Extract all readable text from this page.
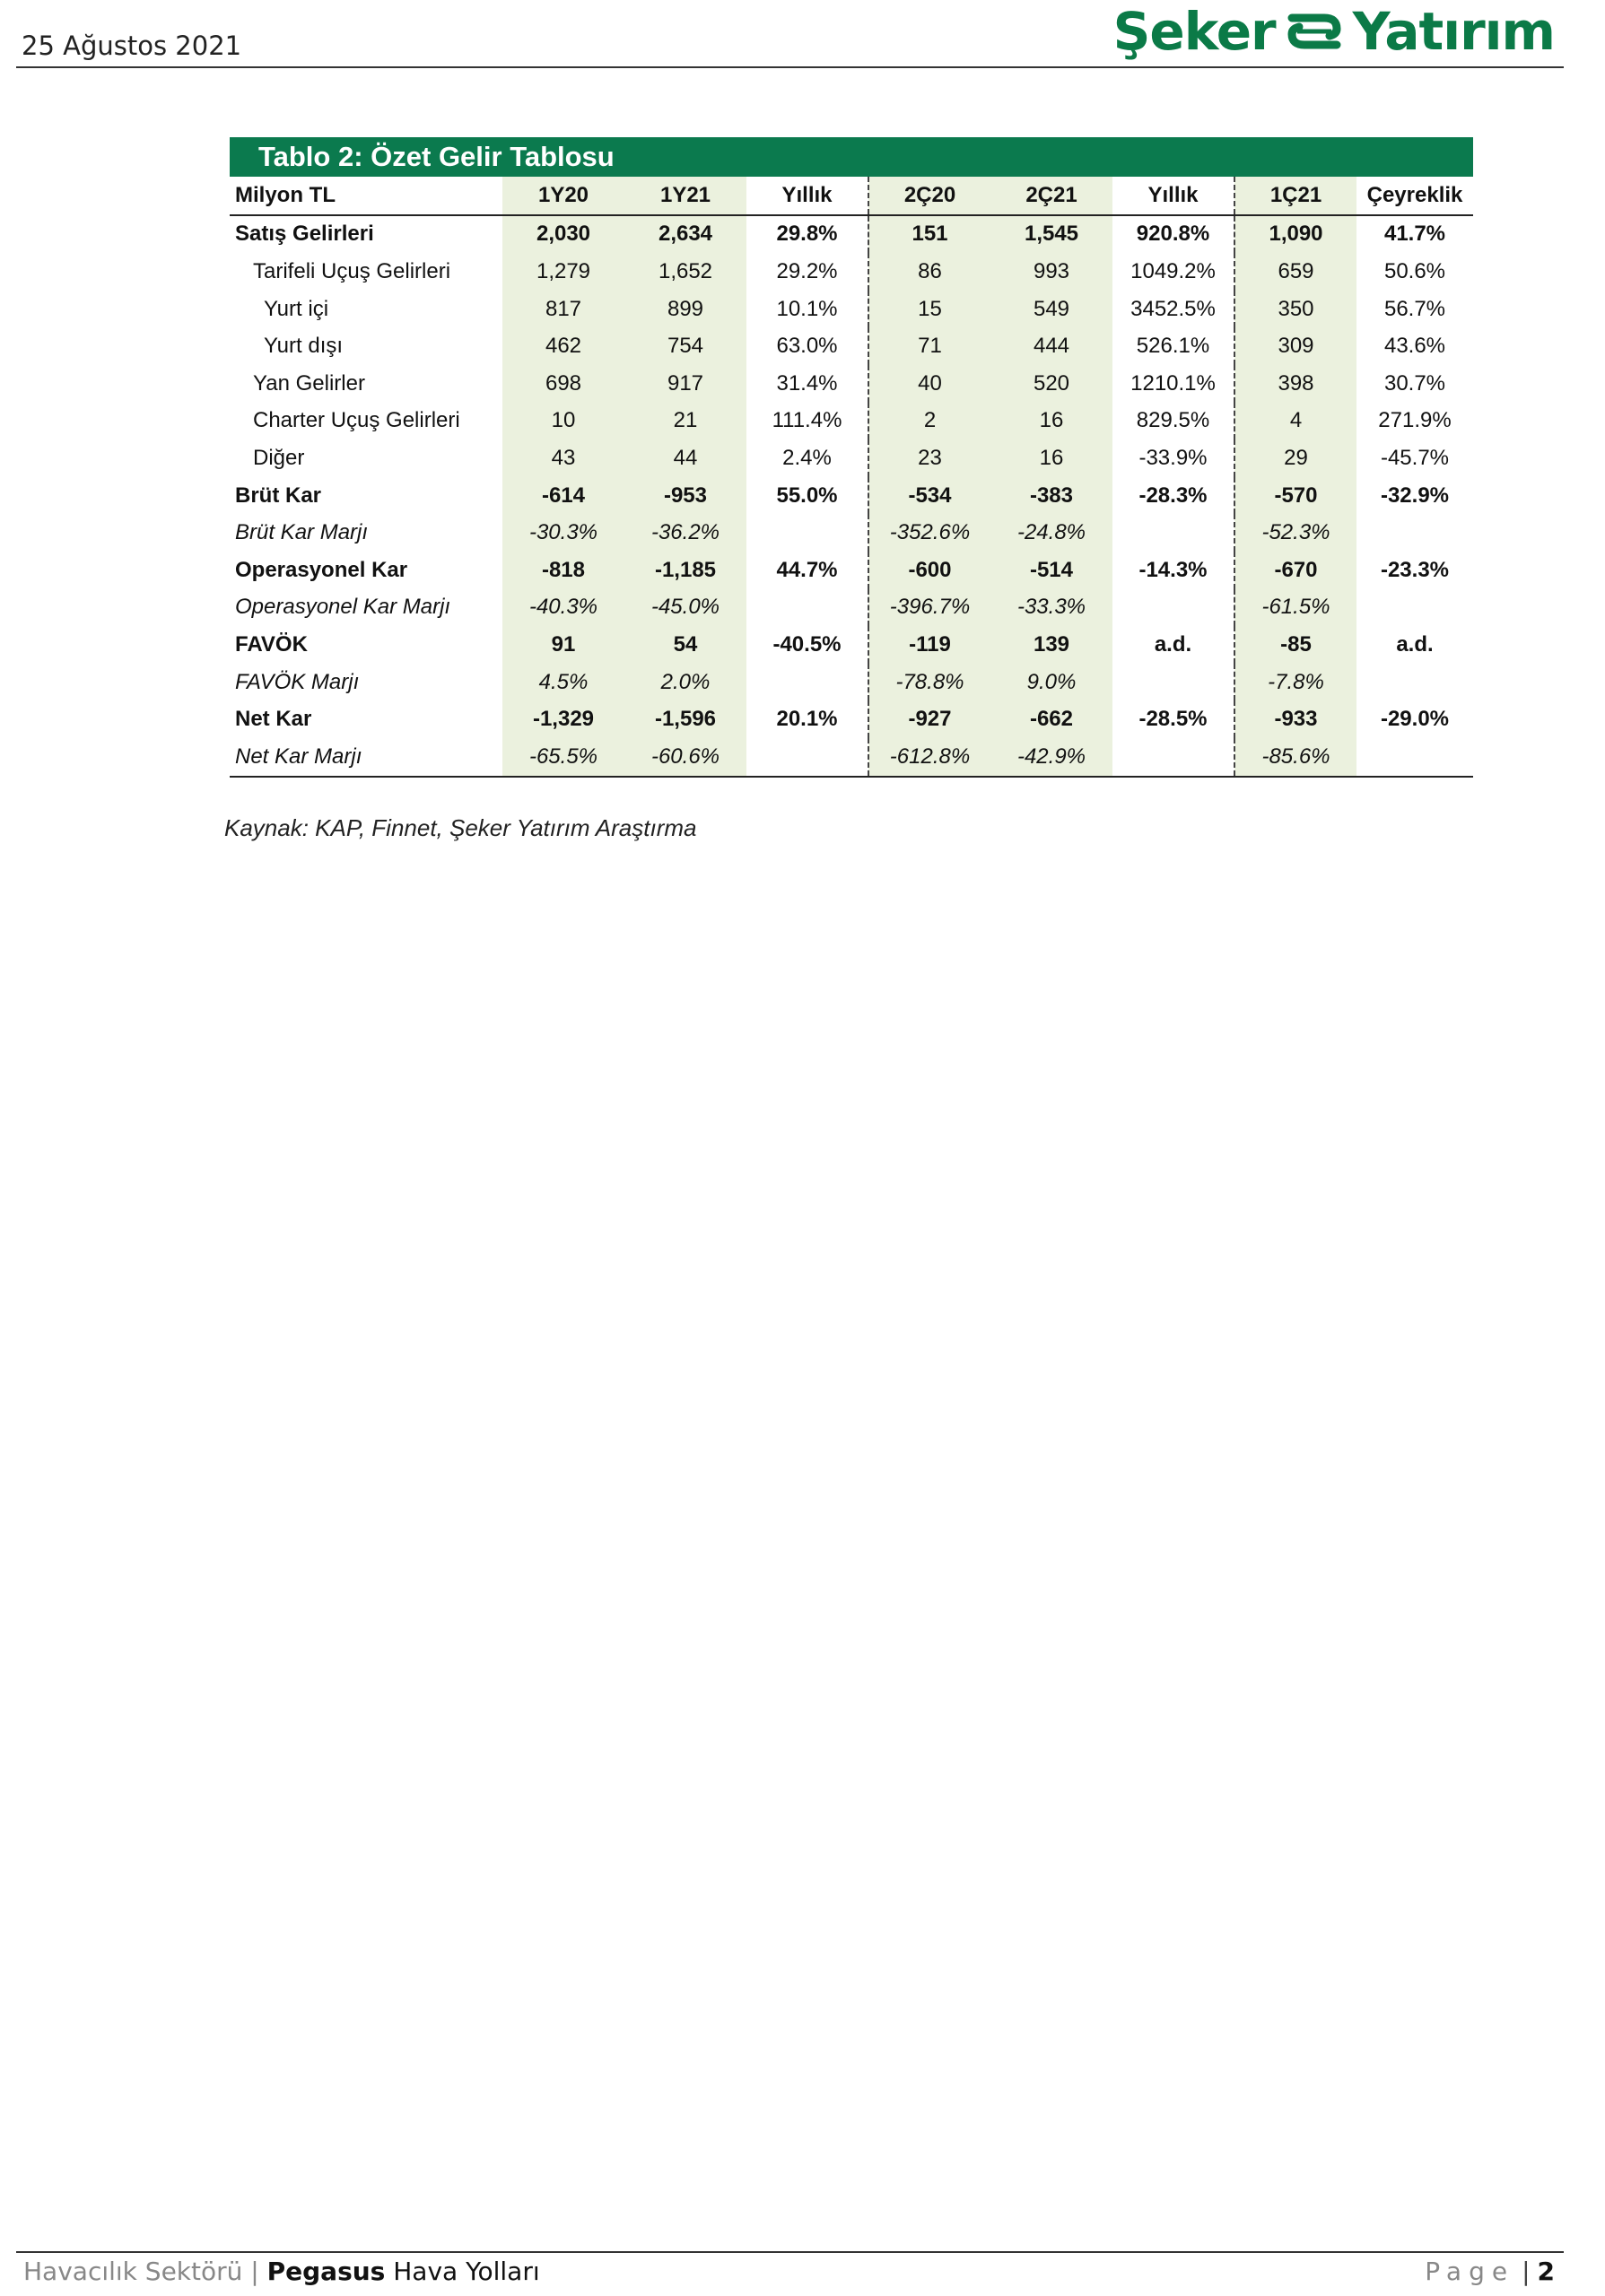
25 Ağustos 2021	Şeker Yatırım
Tablo 2: Özet Gelir Tablosu
Milyon TL	1Y20	1Y21	Yıllık	2Ç20	2Ç21	Yıllık	1Ç21	Çeyreklik
Satış Gelirleri	2,030	2,634	29.8%	151	1,545	920.8%	1,090	41.7%
Tarifeli Uçuş Gelirleri	1,279	1,652	29.2%	86	993	1049.2%	659	50.6%
Yurt içi	817	899	10.1%	15	549	3452.5%	350	56.7%
Yurt dışı	462	754	63.0%	71	444	526.1%	309	43.6%
Yan Gelirler	698	917	31.4%	40	520	1210.1%	398	30.7%
Charter Uçuş Gelirleri	10	21	111.4%	2	16	829.5%	4	271.9%
Diğer	43	44	2.4%	23	16	-33.9%	29	-45.7%
Brüt Kar	-614	-953	55.0%	-534	-383	-28.3%	-570	-32.9%
Brüt Kar Marjı	-30.3%	-36.2%		-352.6%	-24.8%		-52.3%	
Operasyonel Kar	-818	-1,185	44.7%	-600	-514	-14.3%	-670	-23.3%
Operasyonel Kar Marjı	-40.3%	-45.0%		-396.7%	-33.3%		-61.5%	
FAVÖK	91	54	-40.5%	-119	139	a.d.	-85	a.d.
FAVÖK Marjı	4.5%	2.0%		-78.8%	9.0%		-7.8%	
Net Kar	-1,329	-1,596	20.1%	-927	-662	-28.5%	-933	-29.0%
Net Kar Marjı	-65.5%	-60.6%		-612.8%	-42.9%		-85.6%	
Kaynak: KAP, Finnet, Şeker Yatırım Araştırma
Havacılık Sektörü | Pegasus Hava Yolları	Page | 2
